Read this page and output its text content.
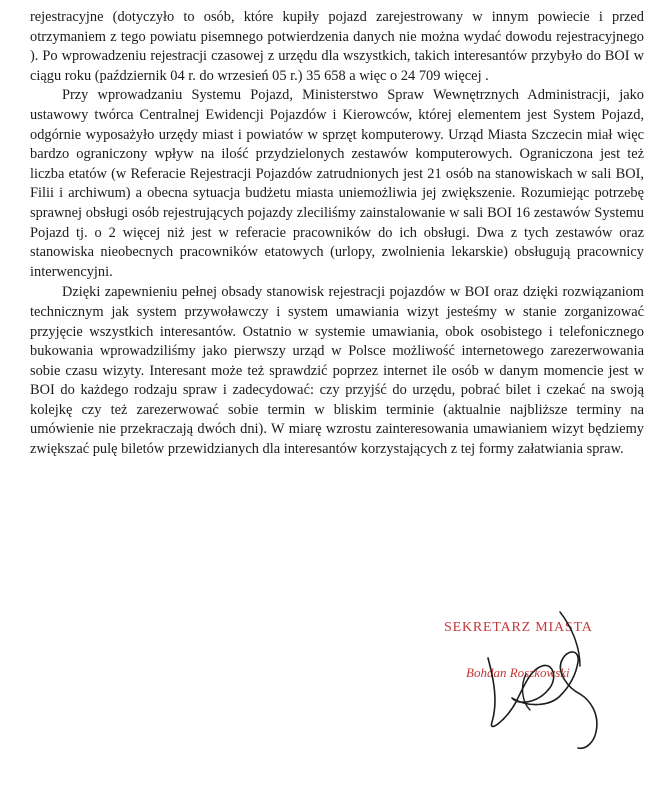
rejestracyjne (dotyczyło to osób, które kupiły pojazd zarejestrowany w innym powiecie i przed otrzymaniem z tego powiatu pisemnego potwierdzenia danych nie można wydać dowodu rejestracyjnego ). Po wprowadzeniu rejestracji czasowej z urzędu dla wszystkich, takich interesantów przybyło do BOI w ciągu roku (październik 04 r. do wrzesień 05 r.) 35 658 a więc o 24 709 więcej .

Przy wprowadzaniu Systemu Pojazd, Ministerstwo Spraw Wewnętrznych Administracji, jako ustawowy twórca Centralnej Ewidencji Pojazdów i Kierowców, której elementem jest System Pojazd, odgórnie wyposażyło urzędy miast i powiatów w sprzęt komputerowy. Urząd Miasta Szczecin miał więc bardzo ograniczony wpływ na ilość przydzielonych zestawów komputerowych. Ograniczona jest też liczba etatów (w Referacie Rejestracji Pojazdów zatrudnionych jest 21 osób na stanowiskach w sali BOI, Filii i archiwum) a obecna sytuacja budżetu miasta uniemożliwia jej zwiększenie. Rozumiejąc potrzebę sprawnej obsługi osób rejestrujących pojazdy zleciliśmy zainstalowanie w sali BOI 16 zestawów Systemu Pojazd tj. o 2 więcej niż jest w referacie pracowników do ich obsługi. Dwa z tych zestawów oraz stanowiska nieobecnych pracowników etatowych (urlopy, zwolnienia lekarskie) obsługują pracownicy interwencyjni.

Dzięki zapewnieniu pełnej obsady stanowisk rejestracji pojazdów w BOI oraz dzięki rozwiązaniom technicznym jak system przywoławczy i system umawiania wizyt jesteśmy w stanie zorganizować przyjęcie wszystkich interesantów. Ostatnio w systemie umawiania, obok osobistego i telefonicznego bukowania wprowadziliśmy jako pierwszy urząd w Polsce możliwość internetowego zarezerwowania sobie czasu wizyty. Interesant może też sprawdzić poprzez internet ile osób w danym momencie jest w BOI do każdego rodzaju spraw i zadecydować: czy przyjść do urzędu, pobrać bilet i czekać na swoją kolejkę czy też zarezerwować sobie termin w bliskim terminie (aktualnie najbliższe terminy na umówienie nie przekraczają dwóch dni). W miarę wzrostu zainteresowania umawianiem wizyt będziemy zwiększać pulę biletów przewidzianych dla interesantów korzystających z tej formy załatwiania spraw.

SEKRETARZ MIASTA
Bohdan Roszkowski
